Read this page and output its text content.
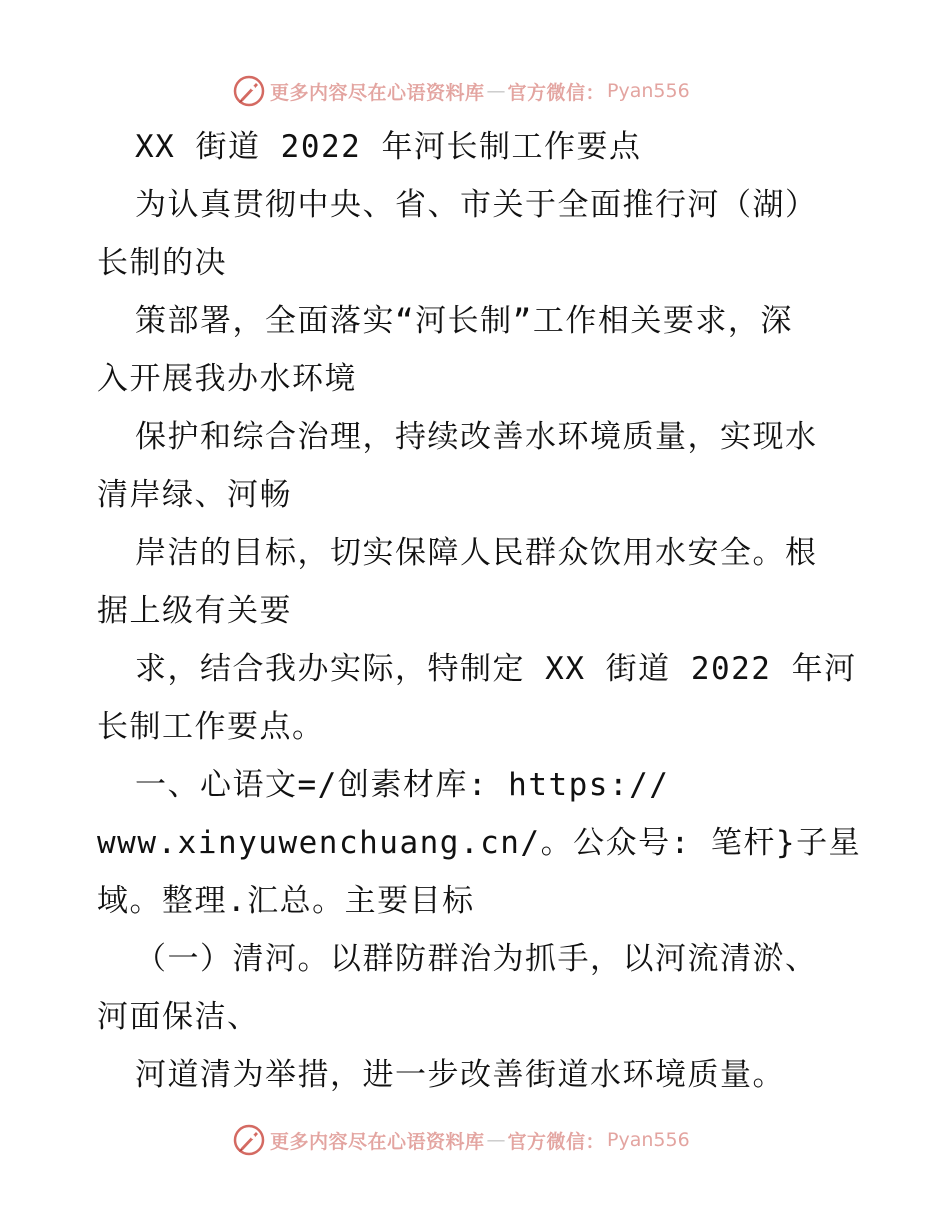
更多内容尽在心语资料库 — 官方微信： Pyan556
XX 街道 2022 年河长制工作要点
为认真贯彻中央、省、市关于全面推行河（湖）
长制的决
策部署，全面落实“河长制”工作相关要求，深
入开展我办水环境
保护和综合治理，持续改善水环境质量，实现水
清岸绿、河畅
岸洁的目标，切实保障人民群众饮用水安全。根
据上级有关要
求，结合我办实际，特制定 XX 街道 2022 年河
长制工作要点。
一、心语文=/创素材库: https://
www.xinyuwenchuang.cn/。公众号: 笔杆}子星
域。整理.汇总。主要目标
（一）清河。以群防群治为抓手，以河流清淤、
河面保洁、
河道清为举措，进一步改善街道水环境质量。
更多内容尽在心语资料库 — 官方微信： Pyan556
